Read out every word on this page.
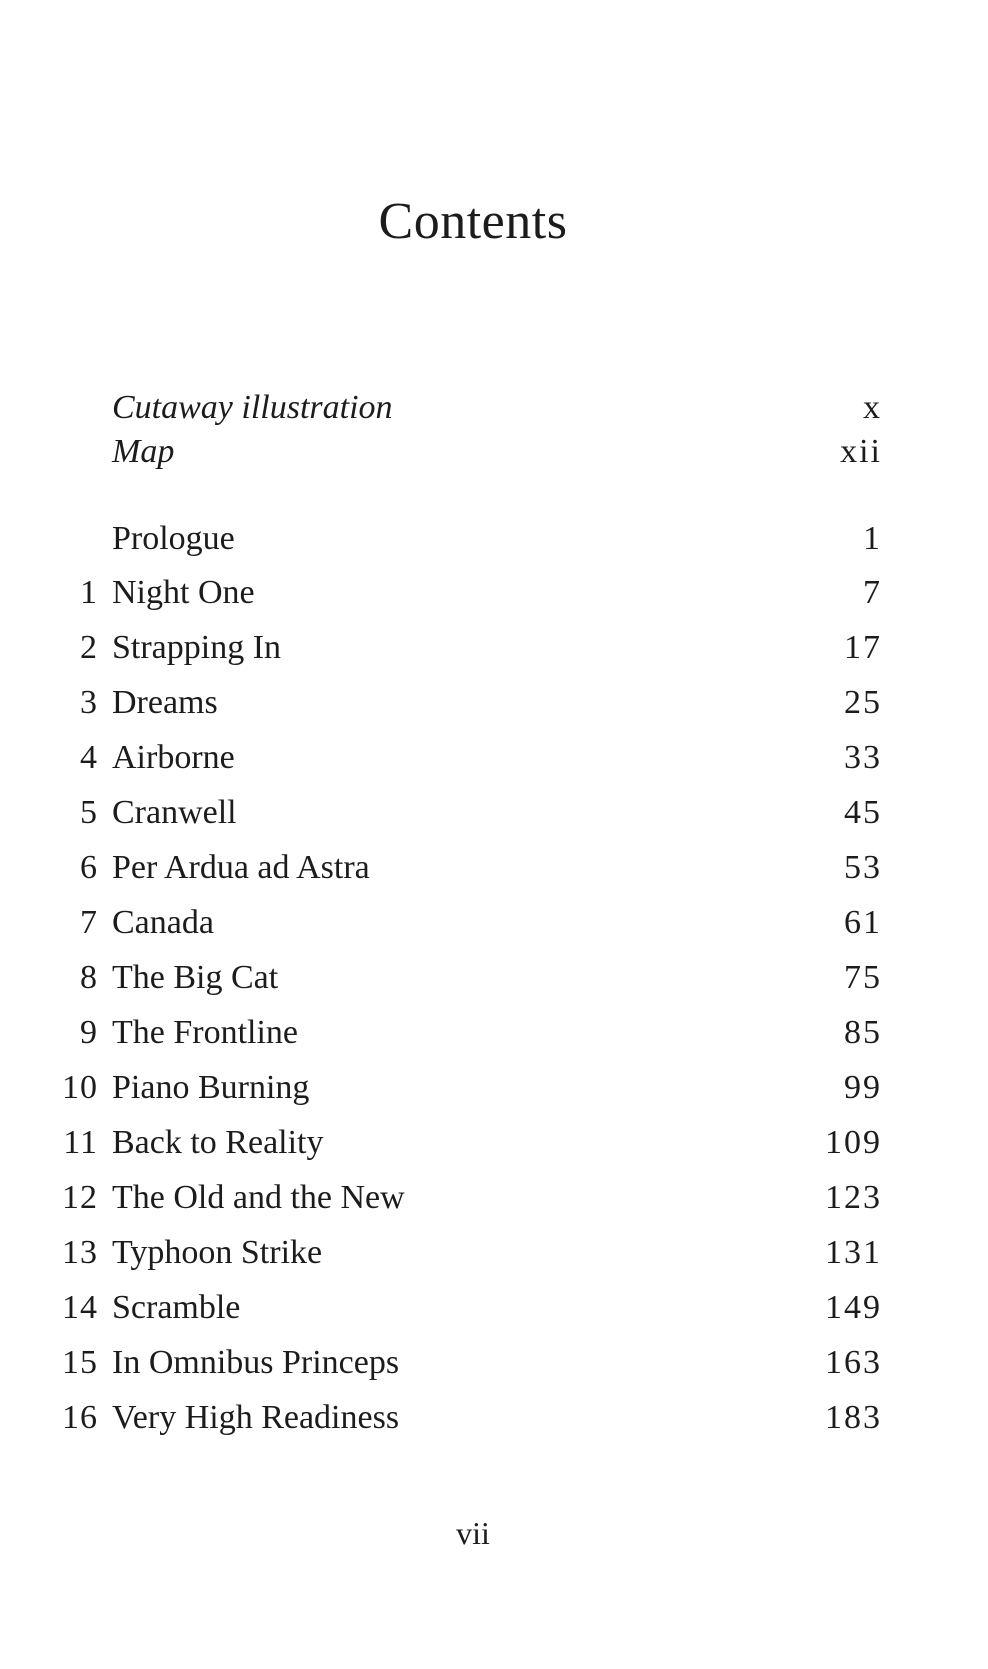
Contents
Cutaway illustration	x
Map	xii
Prologue	1
1 Night One	7
2 Strapping In	17
3 Dreams	25
4 Airborne	33
5 Cranwell	45
6 Per Ardua ad Astra	53
7 Canada	61
8 The Big Cat	75
9 The Frontline	85
10 Piano Burning	99
11 Back to Reality	109
12 The Old and the New	123
13 Typhoon Strike	131
14 Scramble	149
15 In Omnibus Princeps	163
16 Very High Readiness	183
vii
